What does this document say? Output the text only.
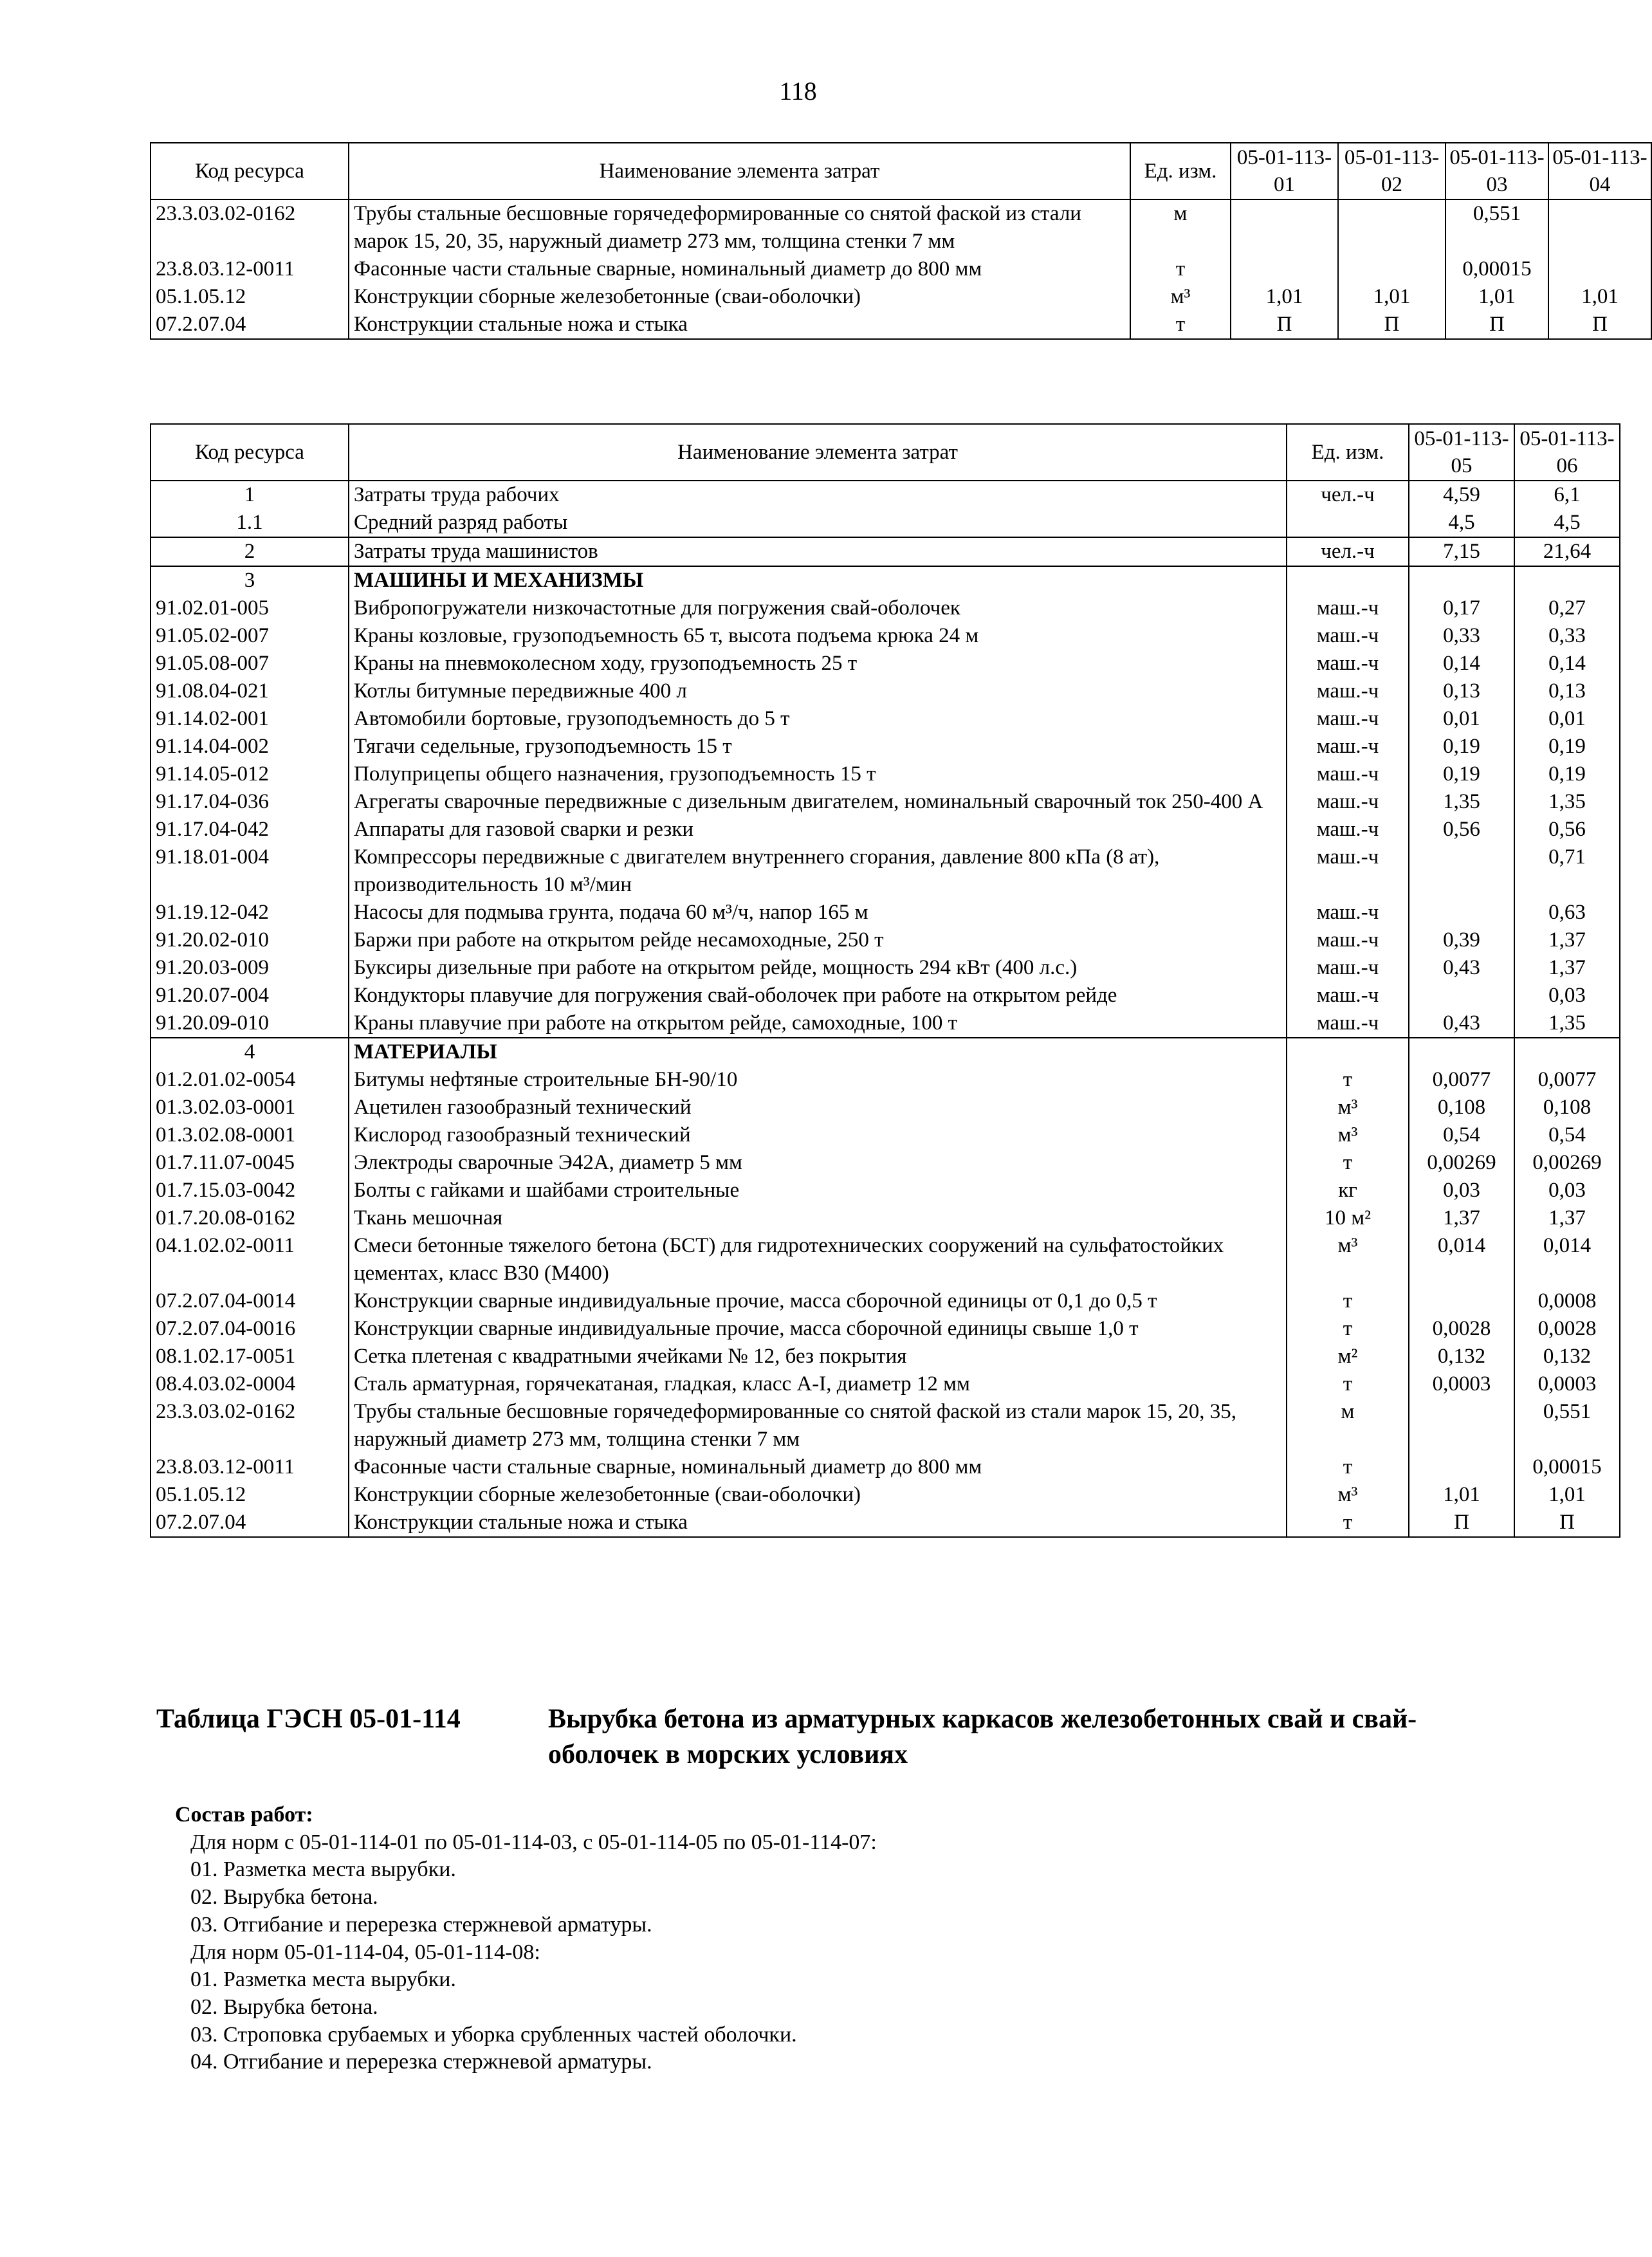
118
Код ресурса	Наименование элемента затрат	Ед. изм.	05-01-113-01	05-01-113-02	05-01-113-03	05-01-113-04
23.3.03.02-0162	Трубы стальные бесшовные горячедеформированные со снятой фаской из стали марок 15, 20, 35, наружный диаметр 273 мм, толщина стенки 7 мм	м			0,551	
23.8.03.12-0011	Фасонные части стальные сварные, номинальный диаметр до 800 мм	т			0,00015	
05.1.05.12	Конструкции сборные железобетонные (сваи-оболочки)	м³	1,01	1,01	1,01	1,01
07.2.07.04	Конструкции стальные ножа и стыка	т	П	П	П	П
Код ресурса	Наименование элемента затрат	Ед. изм.	05-01-113-05	05-01-113-06
1	Затраты труда рабочих	чел.-ч	4,59	6,1
1.1	Средний разряд работы		4,5	4,5
2	Затраты труда машинистов	чел.-ч	7,15	21,64
3	МАШИНЫ И МЕХАНИЗМЫ			
91.02.01-005	Вибропогружатели низкочастотные для погружения свай-оболочек	маш.-ч	0,17	0,27
91.05.02-007	Краны козловые, грузоподъемность 65 т, высота подъема крюка 24 м	маш.-ч	0,33	0,33
91.05.08-007	Краны на пневмоколесном ходу, грузоподъемность 25 т	маш.-ч	0,14	0,14
91.08.04-021	Котлы битумные передвижные 400 л	маш.-ч	0,13	0,13
91.14.02-001	Автомобили бортовые, грузоподъемность до 5 т	маш.-ч	0,01	0,01
91.14.04-002	Тягачи седельные, грузоподъемность 15 т	маш.-ч	0,19	0,19
91.14.05-012	Полуприцепы общего назначения, грузоподъемность 15 т	маш.-ч	0,19	0,19
91.17.04-036	Агрегаты сварочные передвижные с дизельным двигателем, номинальный сварочный ток 250-400 А	маш.-ч	1,35	1,35
91.17.04-042	Аппараты для газовой сварки и резки	маш.-ч	0,56	0,56
91.18.01-004	Компрессоры передвижные с двигателем внутреннего сгорания, давление 800 кПа (8 ат), производительность 10 м³/мин	маш.-ч		0,71
91.19.12-042	Насосы для подмыва грунта, подача 60 м³/ч, напор 165 м	маш.-ч		0,63
91.20.02-010	Баржи при работе на открытом рейде несамоходные, 250 т	маш.-ч	0,39	1,37
91.20.03-009	Буксиры дизельные при работе на открытом рейде, мощность 294 кВт (400 л.с.)	маш.-ч	0,43	1,37
91.20.07-004	Кондукторы плавучие для погружения свай-оболочек при работе на открытом рейде	маш.-ч		0,03
91.20.09-010	Краны плавучие при работе на открытом рейде, самоходные, 100 т	маш.-ч	0,43	1,35
4	МАТЕРИАЛЫ			
01.2.01.02-0054	Битумы нефтяные строительные БН-90/10	т	0,0077	0,0077
01.3.02.03-0001	Ацетилен газообразный технический	м³	0,108	0,108
01.3.02.08-0001	Кислород газообразный технический	м³	0,54	0,54
01.7.11.07-0045	Электроды сварочные Э42А, диаметр 5 мм	т	0,00269	0,00269
01.7.15.03-0042	Болты с гайками и шайбами строительные	кг	0,03	0,03
01.7.20.08-0162	Ткань мешочная	10 м²	1,37	1,37
04.1.02.02-0011	Смеси бетонные тяжелого бетона (БСТ) для гидротехнических сооружений на сульфатостойких цементах, класс В30 (М400)	м³	0,014	0,014
07.2.07.04-0014	Конструкции сварные индивидуальные прочие, масса сборочной единицы от 0,1 до 0,5 т	т		0,0008
07.2.07.04-0016	Конструкции сварные индивидуальные прочие, масса сборочной единицы свыше 1,0 т	т	0,0028	0,0028
08.1.02.17-0051	Сетка плетеная с квадратными ячейками № 12, без покрытия	м²	0,132	0,132
08.4.03.02-0004	Сталь арматурная, горячекатаная, гладкая, класс А-I, диаметр 12 мм	т	0,0003	0,0003
23.3.03.02-0162	Трубы стальные бесшовные горячедеформированные со снятой фаской из стали марок 15, 20, 35, наружный диаметр 273 мм, толщина стенки 7 мм	м		0,551
23.8.03.12-0011	Фасонные части стальные сварные, номинальный диаметр до 800 мм	т		0,00015
05.1.05.12	Конструкции сборные железобетонные (сваи-оболочки)	м³	1,01	1,01
07.2.07.04	Конструкции стальные ножа и стыка	т	П	П
Таблица ГЭСН 05-01-114	Вырубка бетона из арматурных каркасов железобетонных свай и свай-оболочек в морских условиях
Состав работ:
Для норм с 05-01-114-01 по 05-01-114-03, с 05-01-114-05 по 05-01-114-07:
01. Разметка места вырубки.
02. Вырубка бетона.
03. Отгибание и перерезка стержневой арматуры.
Для норм 05-01-114-04, 05-01-114-08:
01. Разметка места вырубки.
02. Вырубка бетона.
03. Строповка срубаемых и уборка срубленных частей оболочки.
04. Отгибание и перерезка стержневой арматуры.
